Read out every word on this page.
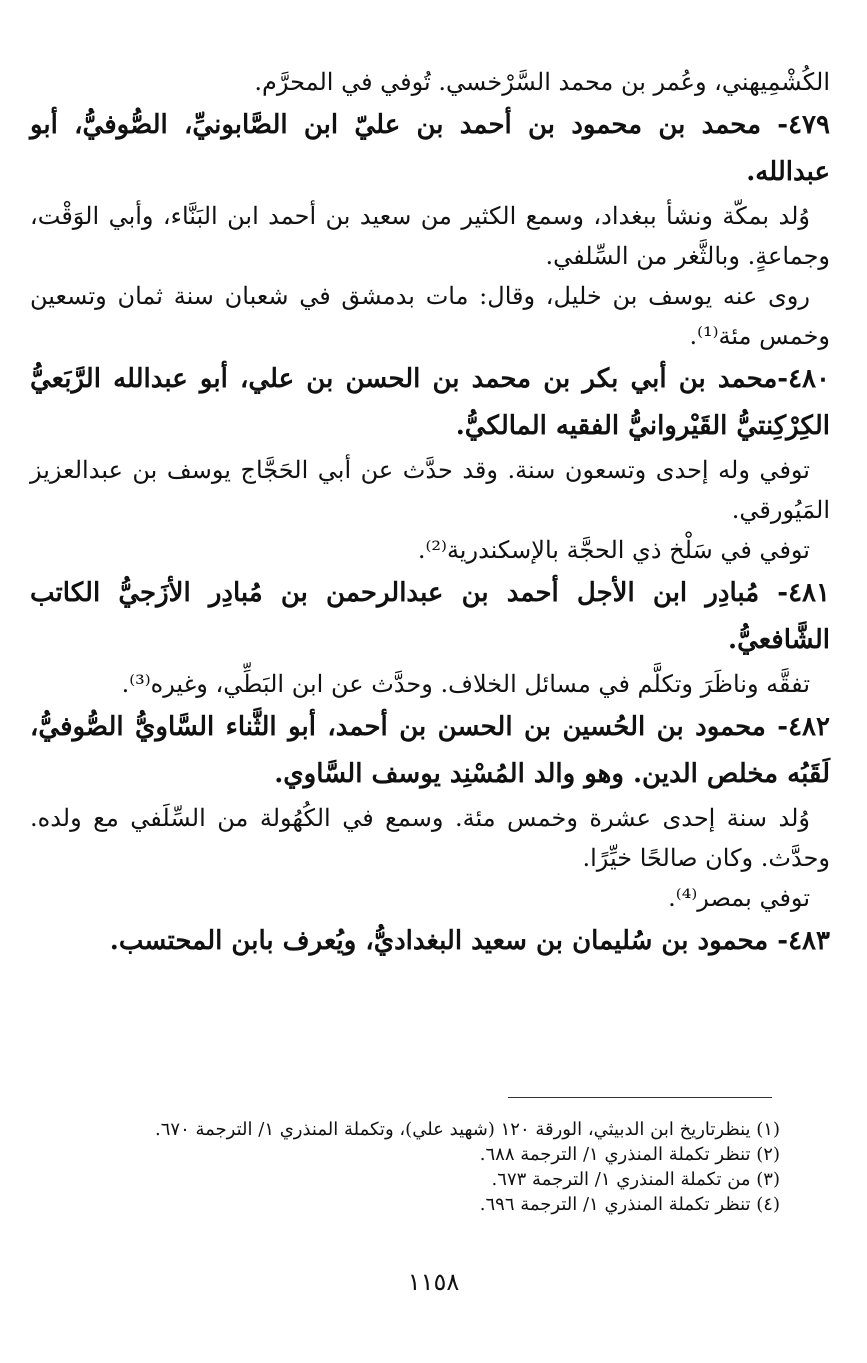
الكُشْمِيهني، وعُمر بن محمد السَّرْخسي. تُوفي في المحرَّم.

٤٧٩- محمد بن محمود بن أحمد بن عليّ ابن الصَّابونيِّ، الصُّوفيُّ، أبو عبدالله.

وُلد بمكّة ونشأ ببغداد، وسمع الكثير من سعيد بن أحمد ابن البَنَّاء، وأبي الوَقْت، وجماعةٍ. وبالثَّغر من السِّلفي.

روى عنه يوسف بن خليل، وقال: مات بدمشق في شعبان سنة ثمان وتسعين وخمس مئة⁽¹⁾.

٤٨٠-محمد بن أبي بكر بن محمد بن الحسن بن علي، أبو عبدالله الرَّبَعيُّ الكِرْكِنتيُّ القَيْروانيُّ الفقيه المالكيُّ.

توفي وله إحدى وتسعون سنة. وقد حدَّث عن أبي الحَجَّاج يوسف بن عبدالعزيز المَيُورقي.

توفي في سَلْخ ذي الحجَّة بالإسكندرية⁽²⁾.

٤٨١- مُبادِر ابن الأجل أحمد بن عبدالرحمن بن مُبادِر الأزَجيُّ الكاتب الشَّافعيُّ.

تفقَّه وناظَرَ وتكلَّم في مسائل الخلاف. وحدَّث عن ابن البَطِّي، وغيره⁽³⁾.

٤٨٢- محمود بن الحُسين بن الحسن بن أحمد، أبو الثَّناء السَّاويُّ الصُّوفيُّ، لَقَبُه مخلص الدين. وهو والد المُسْنِد يوسف السَّاوي.

وُلد سنة إحدى عشرة وخمس مئة. وسمع في الكُهُولة من السِّلَفي مع ولده. وحدَّث. وكان صالحًا خيِّرًا.

توفي بمصر⁽⁴⁾.

٤٨٣- محمود بن سُليمان بن سعيد البغداديُّ، ويُعرف بابن المحتسب.

(١) ينظرتاريخ ابن الدبيثي، الورقة ١٢٠ (شهيد علي)، وتكملة المنذري ١/ الترجمة ٦٧٠.

(٢) تنظر تكملة المنذري ١/ الترجمة ٦٨٨.

(٣) من تكملة المنذري ١/ الترجمة ٦٧٣.

(٤) تنظر تكملة المنذري ١/ الترجمة ٦٩٦.

١١٥٨
